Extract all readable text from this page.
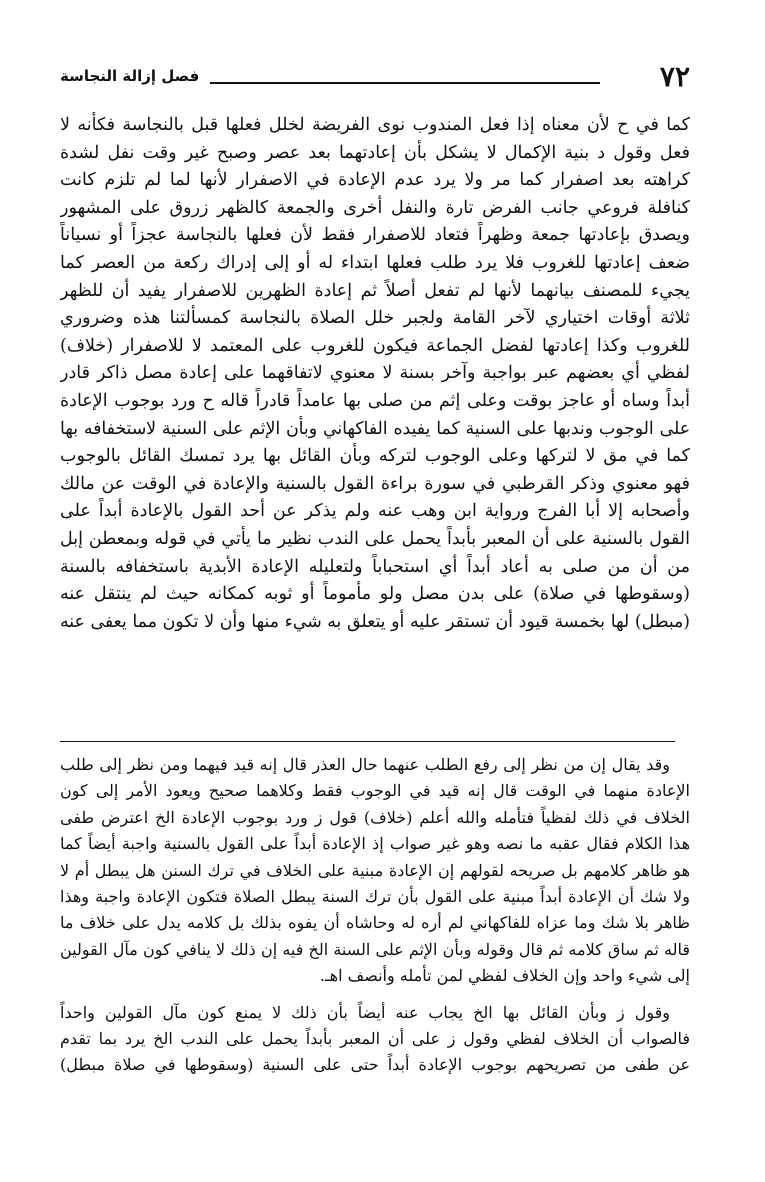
٧٢
فصل إزالة النجاسة
كما في ح لأن معناه إذا فعل المندوب نوى الفريضة لخلل فعلها قبل بالنجاسة فكأنه لا
فعل وقول د بنية الإكمال لا يشكل بأن إعادتهما بعد عصر وصبح غير وقت نفل لشدة
كراهته بعد اصفرار كما مر ولا يرد عدم الإعادة في الاصفرار لأنها لما لم تلزم كانت
كنافلة فروعي جانب الفرض تارة والنفل أخرى والجمعة كالظهر زروق على المشهور
ويصدق بإعادتها جمعة وظهراً فتعاد للاصفرار فقط لأن فعلها بالنجاسة عجزاً أو نسياناً
ضعف إعادتها للغروب فلا يرد طلب فعلها ابتداء له أو إلى إدراك ركعة من العصر كما
يجيء للمصنف بيانهما لأنها لم تفعل أصلاً ثم إعادة الظهرين للاصفرار يفيد أن للظهر
ثلاثة أوقات اختياري لآخر القامة ولجبر خلل الصلاة بالنجاسة كمسألتنا هذه وضروري
للغروب وكذا إعادتها لفضل الجماعة فيكون للغروب على المعتمد لا للاصفرار (خلاف)
لفظي أي بعضهم عبر بواجبة وآخر بسنة لا معنوي لاتفاقهما على إعادة مصل ذاكر قادر
أبداً وساه أو عاجز بوقت وعلى إثم من صلى بها عامداً قادراً قاله ح ورد بوجوب الإعادة
على الوجوب وندبها على السنية كما يفيده الفاكهاني وبأن الإثم على السنية لاستخفافه بها
كما في مق لا لتركها وعلى الوجوب لتركه وبأن القائل بها يرد تمسك القائل بالوجوب
فهو معنوي وذكر القرطبي في سورة براءة القول بالسنية والإعادة في الوقت عن مالك
وأصحابه إلا أبا الفرج ورواية ابن وهب عنه ولم يذكر عن أحد القول بالإعادة أبداً على
القول بالسنية على أن المعبر بأبداً يحمل على الندب نظير ما يأتي في قوله وبمعطن إبل
من أن من صلى به أعاد أبداً أي استحباباً ولتعليله الإعادة الأبدية باستخفافه بالسنة
(وسقوطها في صلاة) على بدن مصل ولو مأموماً أو ثوبه كمكانه حيث لم ينتقل عنه
(مبطل) لها بخمسة قيود أن تستقر عليه أو يتعلق به شيء منها وأن لا تكون مما يعفى عنه
وقد يقال إن من نظر إلى رفع الطلب عنهما حال العذر قال إنه قيد فيهما ومن نظر إلى طلب
الإعادة منهما في الوقت قال إنه قيد في الوجوب فقط وكلاهما صحيح ويعود الأمر إلى كون
الخلاف في ذلك لفظياً فتأمله والله أعلم (خلاف) قول ز ورد بوجوب الإعادة الخ اعترض طفى
هذا الكلام فقال عقبه ما نصه وهو غير صواب إذ الإعادة أبداً على القول بالسنية واجبة أيضاً كما
هو ظاهر كلامهم بل صريحه لقولهم إن الإعادة مبنية على الخلاف في ترك السنن هل يبطل أم لا
ولا شك أن الإعادة أبداً مبنية على القول بأن ترك السنة يبطل الصلاة فتكون الإعادة واجبة وهذا
ظاهر بلا شك وما عزاه للفاكهاني لم أره له وحاشاه أن يفوه بذلك بل كلامه يدل على خلاف ما
قاله ثم ساق كلامه ثم قال وقوله وبأن الإثم على السنة الخ فيه إن ذلك لا ينافي كون مآل القولين
إلى شيء واحد وإن الخلاف لفظي لمن تأمله وأنصف اهـ.
وقول ز وبأن القائل بها الخ يجاب عنه أيضاً بأن ذلك لا يمنع كون مآل القولين واحداً
فالصواب أن الخلاف لفظي وقول ز على أن المعبر بأبداً يحمل على الندب الخ يرد بما تقدم
عن طفى من تصريحهم بوجوب الإعادة أبداً حتى على السنية (وسقوطها في صلاة مبطل)
